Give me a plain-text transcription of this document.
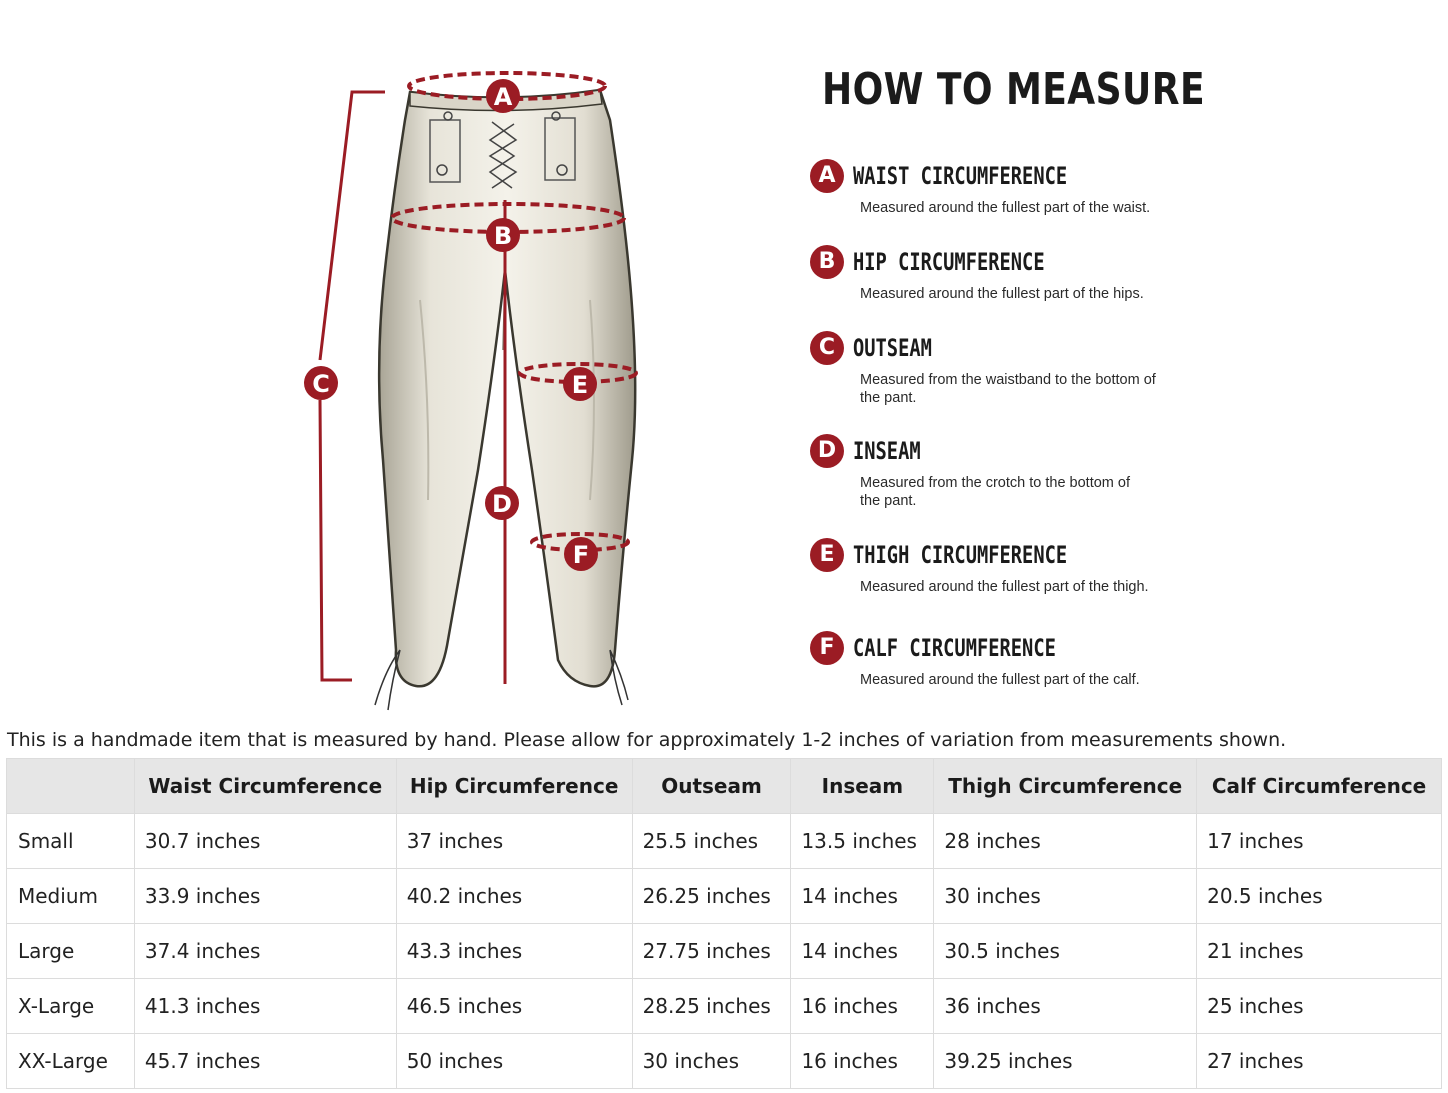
A
B
C
D
E
F
HOW TO MEASURE
A WAIST CIRCUMFERENCE
Measured around the fullest part of the waist.
B HIP CIRCUMFERENCE
Measured around the fullest part of the hips.
C OUTSEAM
Measured from the waistband to the bottom of the pant.
D INSEAM
Measured from the crotch to the bottom of the pant.
E THIGH CIRCUMFERENCE
Measured around the fullest part of the thigh.
F CALF CIRCUMFERENCE
Measured around the fullest part of the calf.
This is a handmade item that is measured by hand. Please allow for approximately 1-2 inches of variation from measurements shown.
	Waist Circumference	Hip Circumference	Outseam	Inseam	Thigh Circumference	Calf Circumference
Small	30.7 inches	37 inches	25.5 inches	13.5 inches	28 inches	17 inches
Medium	33.9 inches	40.2 inches	26.25 inches	14 inches	30 inches	20.5 inches
Large	37.4 inches	43.3 inches	27.75 inches	14 inches	30.5 inches	21 inches
X-Large	41.3 inches	46.5 inches	28.25 inches	16 inches	36 inches	25 inches
XX-Large	45.7 inches	50 inches	30 inches	16 inches	39.25 inches	27 inches
